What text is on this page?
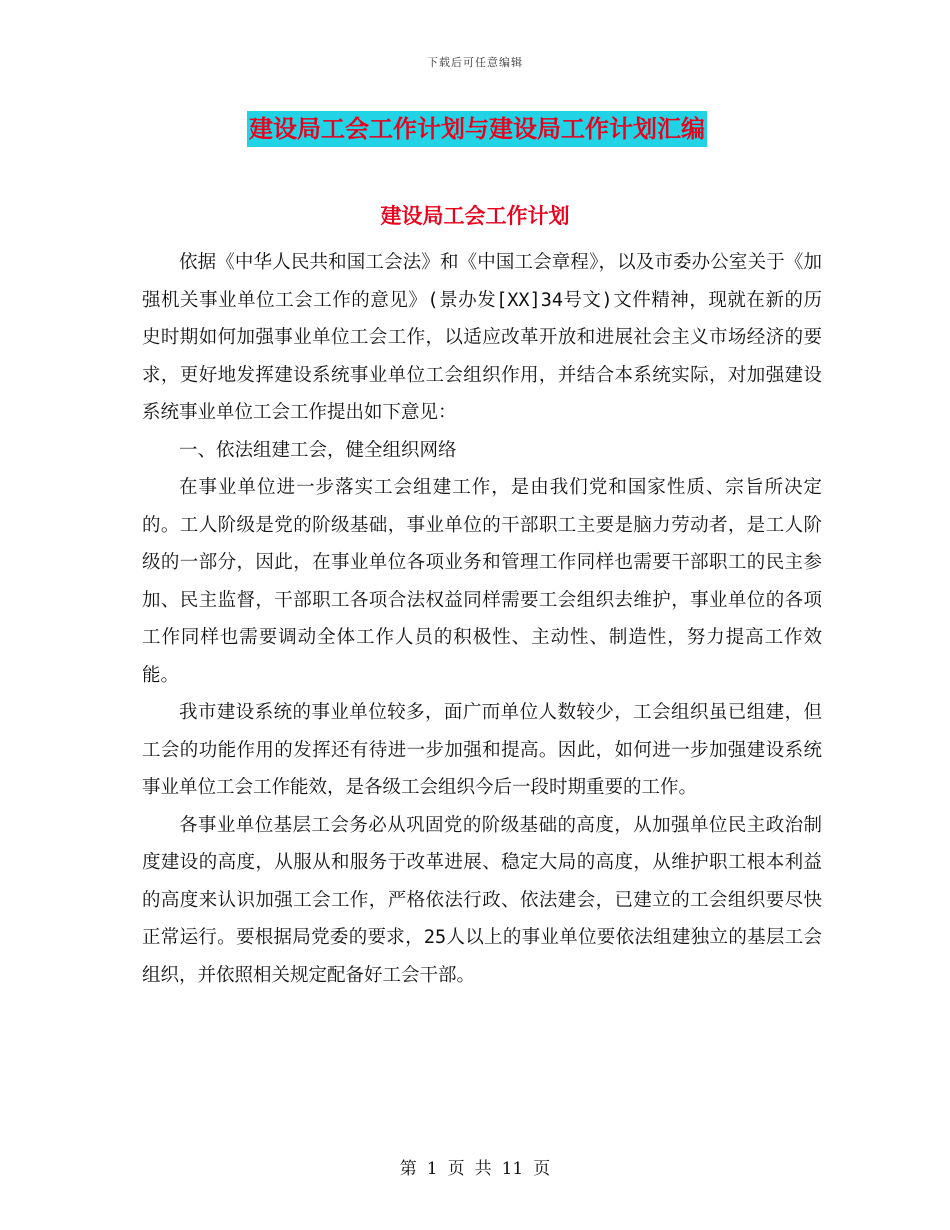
下载后可任意编辑
建设局工会工作计划与建设局工作计划汇编
建设局工会工作计划

依据《中华人民共和国工会法》和《中国工会章程》，以及市委办公室关于《加强机关事业单位工会工作的意见》(景办发[XX]34号文)文件精神，现就在新的历史时期如何加强事业单位工会工作，以适应改革开放和进展社会主义市场经济的要求，更好地发挥建设系统事业单位工会组织作用，并结合本系统实际，对加强建设系统事业单位工会工作提出如下意见：

一、依法组建工会，健全组织网络

在事业单位进一步落实工会组建工作，是由我们党和国家性质、宗旨所决定的。工人阶级是党的阶级基础，事业单位的干部职工主要是脑力劳动者，是工人阶级的一部分，因此，在事业单位各项业务和管理工作同样也需要干部职工的民主参加、民主监督，干部职工各项合法权益同样需要工会组织去维护，事业单位的各项工作同样也需要调动全体工作人员的积极性、主动性、制造性，努力提高工作效能。

我市建设系统的事业单位较多，面广而单位人数较少，工会组织虽已组建，但工会的功能作用的发挥还有待进一步加强和提高。因此，如何进一步加强建设系统事业单位工会工作能效，是各级工会组织今后一段时期重要的工作。

各事业单位基层工会务必从巩固党的阶级基础的高度，从加强单位民主政治制度建设的高度，从服从和服务于改革进展、稳定大局的高度，从维护职工根本利益的高度来认识加强工会工作，严格依法行政、依法建会，已建立的工会组织要尽快正常运行。要根据局党委的要求，25人以上的事业单位要依法组建独立的基层工会组织，并依照相关规定配备好工会干部。

第 1 页 共 11 页
